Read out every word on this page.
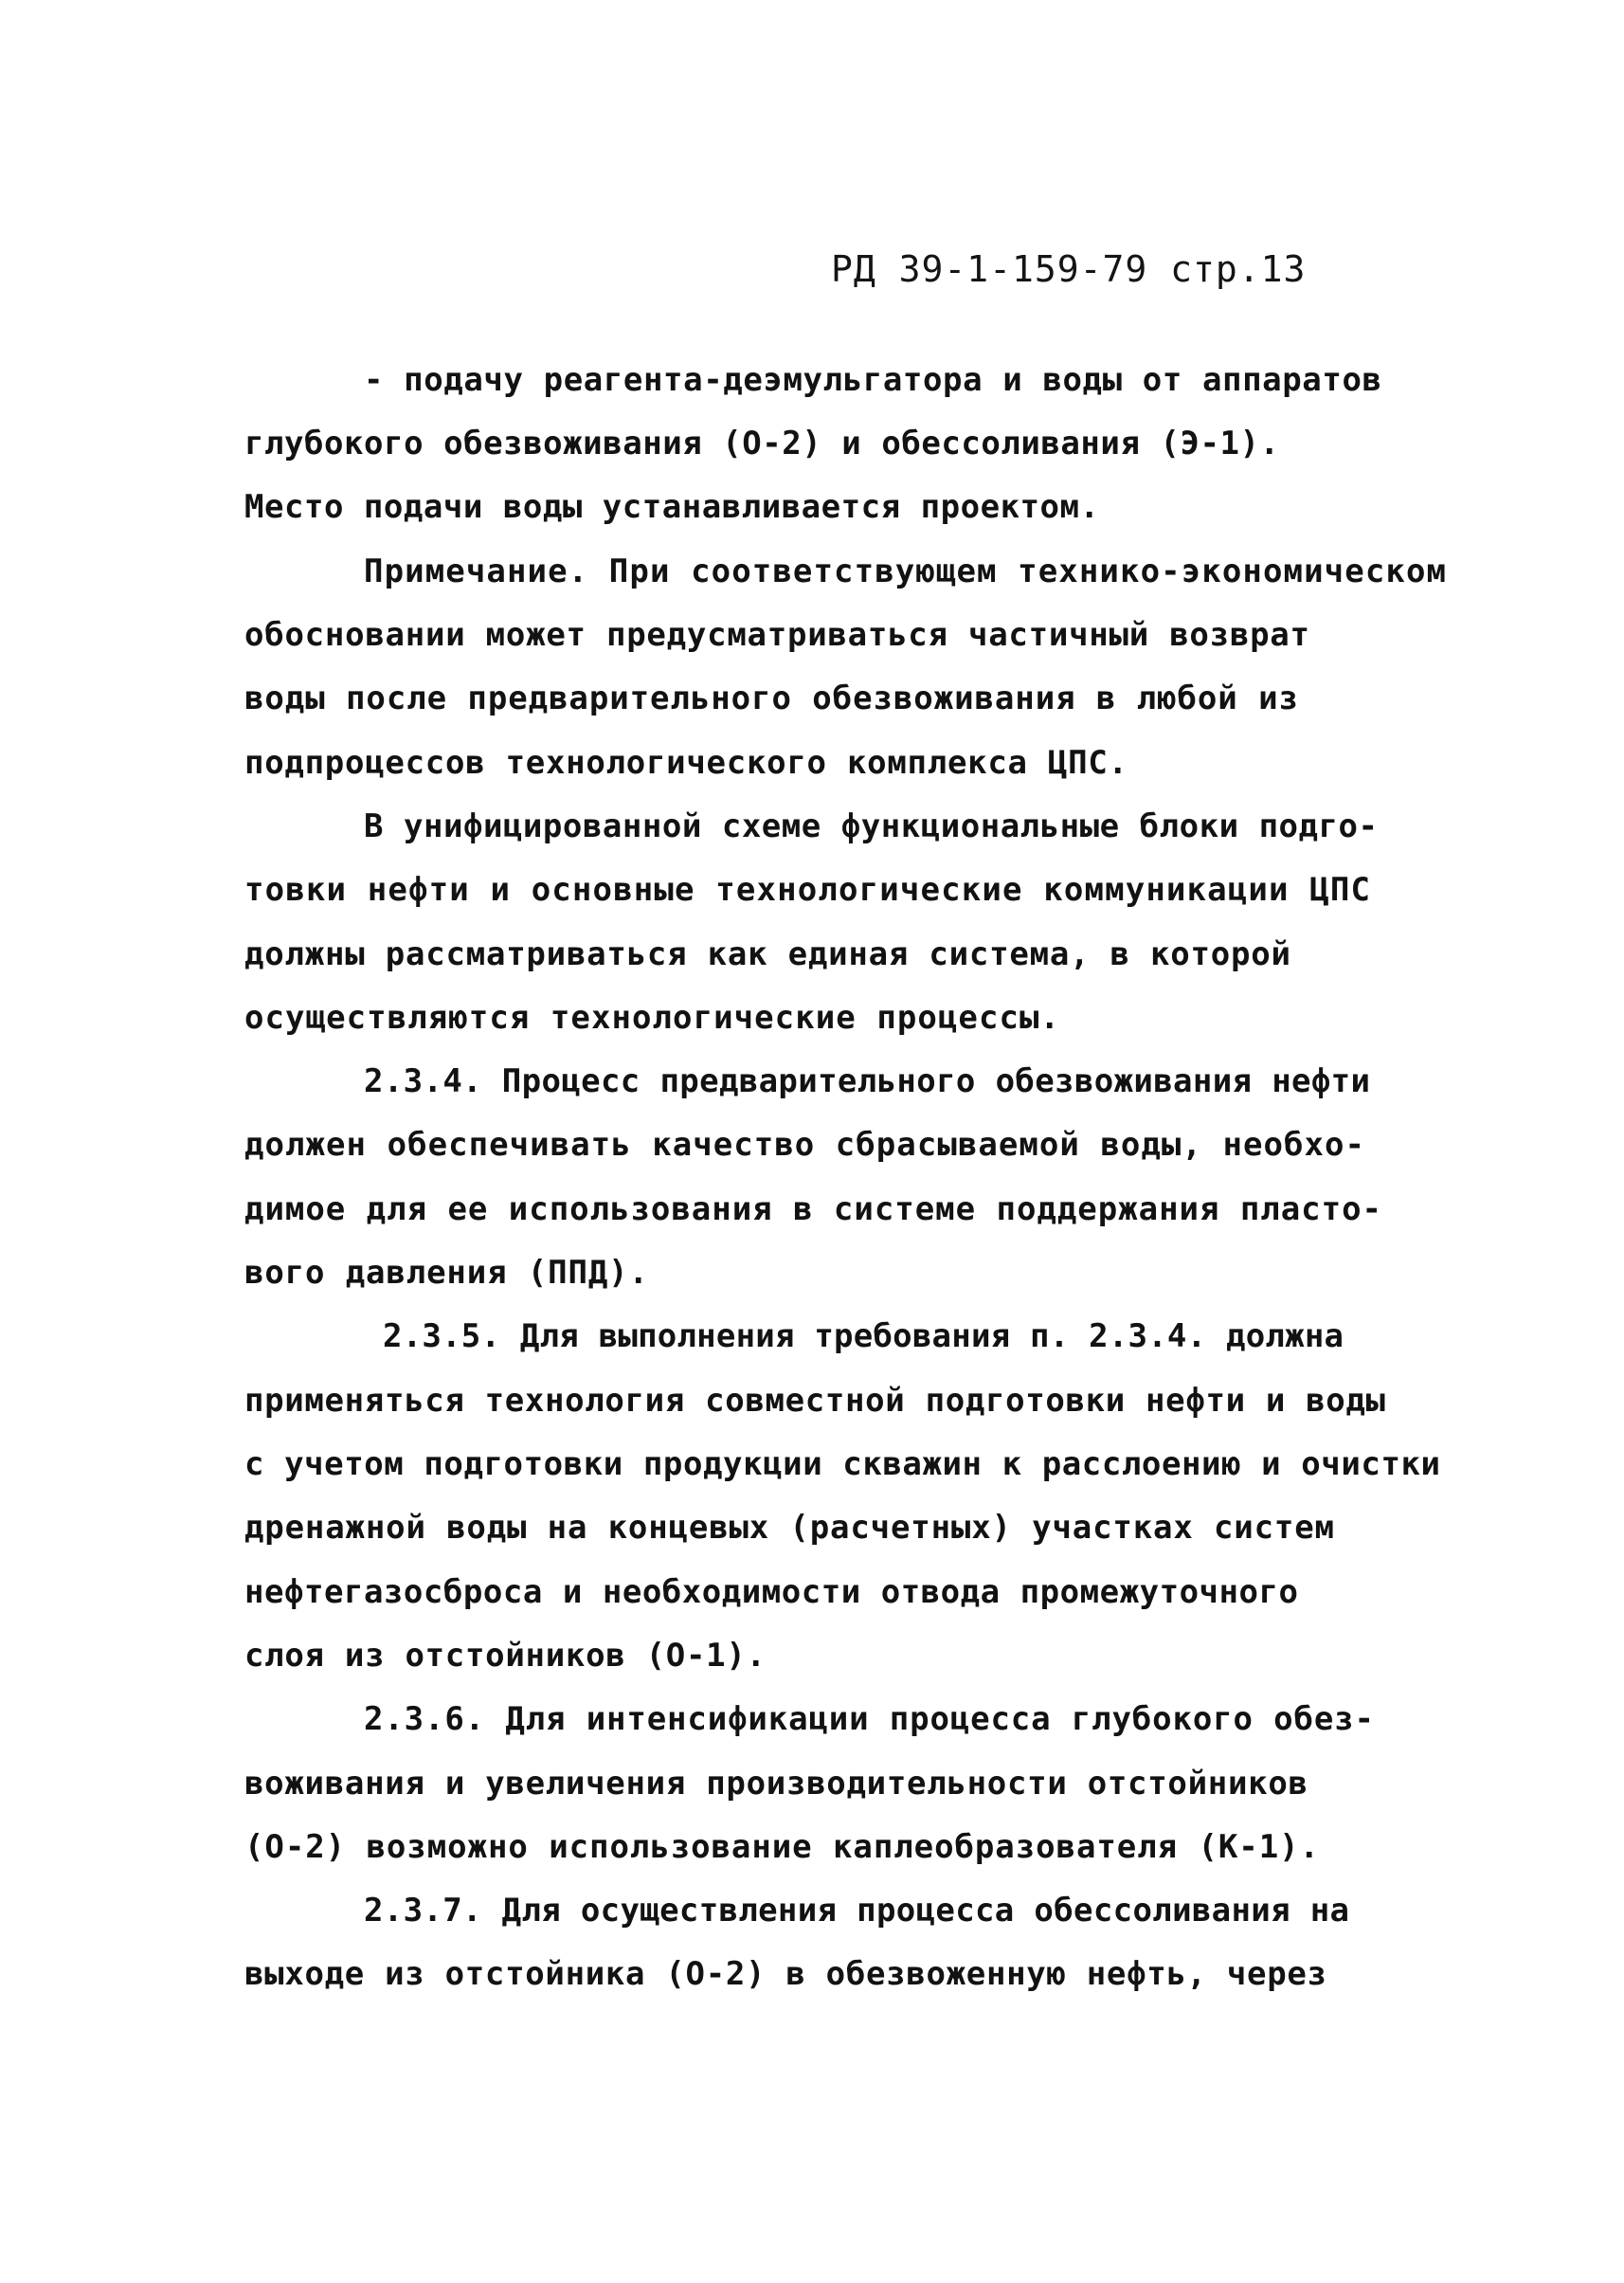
РД 39-1-159-79 стр.13
- подачу реагента-деэмульгатора и воды от аппаратов
глубокого обезвоживания (О-2) и обессоливания (Э-1).
Место подачи воды устанавливается проектом.
Примечание. При соответствующем технико-экономическом
обосновании может предусматриваться частичный возврат
воды после предварительного обезвоживания в любой из
подпроцессов технологического комплекса ЦПС.
В унифицированной схеме функциональные блоки подго-
товки нефти и основные технологические коммуникации ЦПС
должны рассматриваться как единая система, в которой
осуществляются технологические процессы.
2.3.4. Процесс предварительного обезвоживания нефти
должен обеспечивать качество сбрасываемой воды, необхо-
димое для ее использования в системе поддержания пласто-
вого давления (ППД).
2.3.5. Для выполнения требования п. 2.3.4. должна
применяться технология совместной подготовки нефти и воды
с учетом подготовки продукции скважин к расслоению и очистки
дренажной воды на концевых (расчетных) участках систем
нефтегазосброса и необходимости отвода промежуточного
слоя из отстойников (О-1).
2.3.6. Для интенсификации процесса глубокого обез-
воживания и увеличения производительности отстойников
(О-2) возможно использование каплеобразователя (К-1).
2.3.7. Для осуществления процесса обессоливания на
выходе из отстойника (О-2) в обезвоженную нефть, через
